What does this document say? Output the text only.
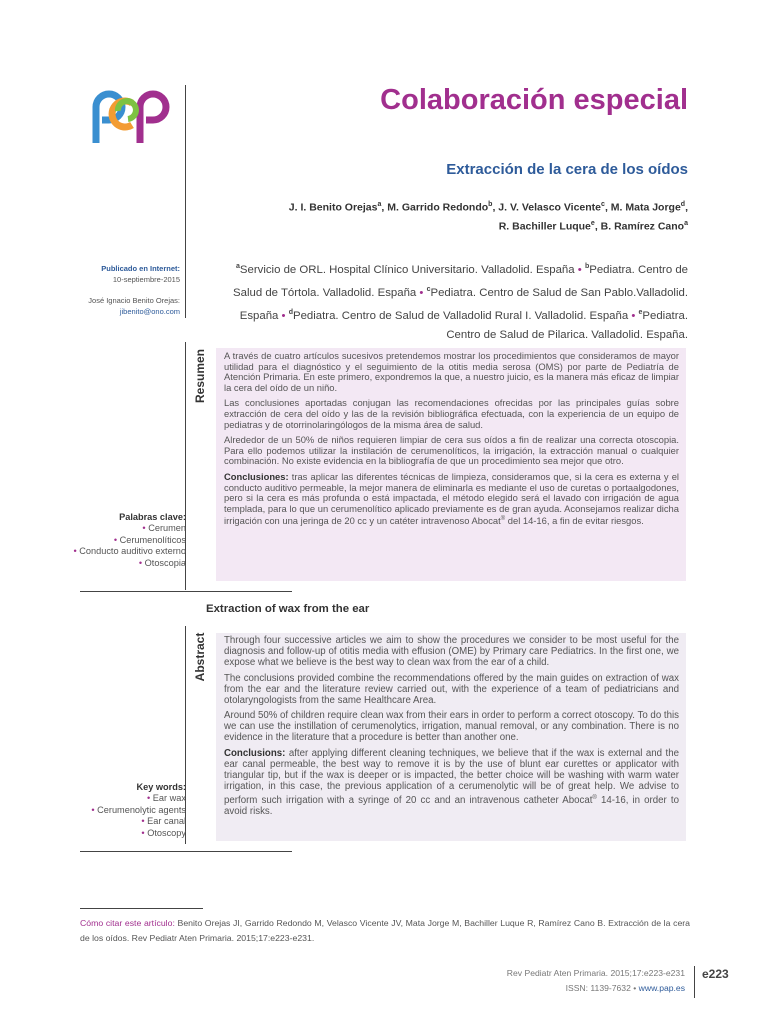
Colaboración especial
Extracción de la cera de los oídos
J. I. Benito Orejas$^a$, M. Garrido Redondo$^b$, J. V. Velasco Vicente$^c$, M. Mata Jorge$^d$,
R. Bachiller Luque$^e$, B. Ramírez Cano$^a$
$^a$Servicio de ORL. Hospital Clínico Universitario. Valladolid. España • $^b$Pediatra. Centro de Salud de Tórtola. Valladolid. España • $^c$Pediatra. Centro de Salud de San Pablo.Valladolid. España • $^d$Pediatra. Centro de Salud de Valladolid Rural I. Valladolid. España • $^e$Pediatra. Centro de Salud de Pilarica. Valladolid. España.
Publicado en Internet:
10-septiembre-2015
José Ignacio Benito Orejas:
jibenito@ono.com
Resumen A través de cuatro artículos sucesivos pretendemos mostrar los procedimientos que consideramos de mayor utilidad para el diagnóstico y el seguimiento de la otitis media serosa (OMS) por parte de Pediatría de Atención Primaria. En este primero, expondremos la que, a nuestro juicio, es la manera más eficaz de limpiar la cera del oído de un niño.

Las conclusiones aportadas conjugan las recomendaciones ofrecidas por las principales guías sobre extracción de cera del oído y las de la revisión bibliográfica efectuada, con la experiencia de un equipo de pediatras y de otorrinolaringólogos de la misma área de salud.

Alrededor de un 50% de niños requieren limpiar de cera sus oídos a fin de realizar una correcta otoscopia. Para ello podemos utilizar la instilación de cerumenolíticos, la irrigación, la extracción manual o cualquier combinación. No existe evidencia en la bibliografía de que un procedimiento sea mejor que otro.

Conclusiones: tras aplicar las diferentes técnicas de limpieza, consideramos que, si la cera es externa y el conducto auditivo permeable, la mejor manera de eliminarla es mediante el uso de curetas o portaalgodones, pero si la cera es más profunda o está impactada, el método elegido será el lavado con irrigación de agua templada, para lo que un cerumenolítico aplicado previamente es de gran ayuda. Aconsejamos realizar dicha irrigación con una jeringa de 20 cc y un catéter intravenoso Abocat® del 14-16, a fin de evitar riesgos.

Palabras clave:
• Cerumen
• Cerumenolíticos
• Conducto auditivo externo
• Otoscopia
Extraction of wax from the ear
Abstract Through four successive articles we aim to show the procedures we consider to be most useful for the diagnosis and follow-up of otitis media with effusion (OME) by Primary care Pediatrics. In the first one, we expose what we believe is the best way to clean wax from the ear of a child.

The conclusions provided combine the recommendations offered by the main guides on extraction of wax from the ear and the literature review carried out, with the experience of a team of pediatricians and otolaryngologists from the same Healthcare Area.

Around 50% of children require clean wax from their ears in order to perform a correct otoscopy. To do this we can use the instillation of cerumenolytics, irrigation, manual removal, or any combination. There is no evidence in the literature that a procedure is better than another one.

Conclusions: after applying different cleaning techniques, we believe that if the wax is external and the ear canal permeable, the best way to remove it is by the use of blunt ear curettes or applicator with triangular tip, but if the wax is deeper or is impacted, the better choice will be washing with warm water irrigation, in this case, the previous application of a cerumenolytic will be of great help. We advise to perform such irrigation with a syringe of 20 cc and an intravenous catheter Abocat® 14-16, in order to avoid risks.

Key words:
• Ear wax
• Cerumenolytic agents
• Ear canal
• Otoscopy
Cómo citar este artículo: Benito Orejas JI, Garrido Redondo M, Velasco Vicente JV, Mata Jorge M, Bachiller Luque R, Ramírez Cano B. Extracción de la cera de los oídos. Rev Pediatr Aten Primaria. 2015;17:e223-e231.
Rev Pediatr Aten Primaria. 2015;17:e223-e231
ISSN: 1139-7632 • www.pap.es
e223
